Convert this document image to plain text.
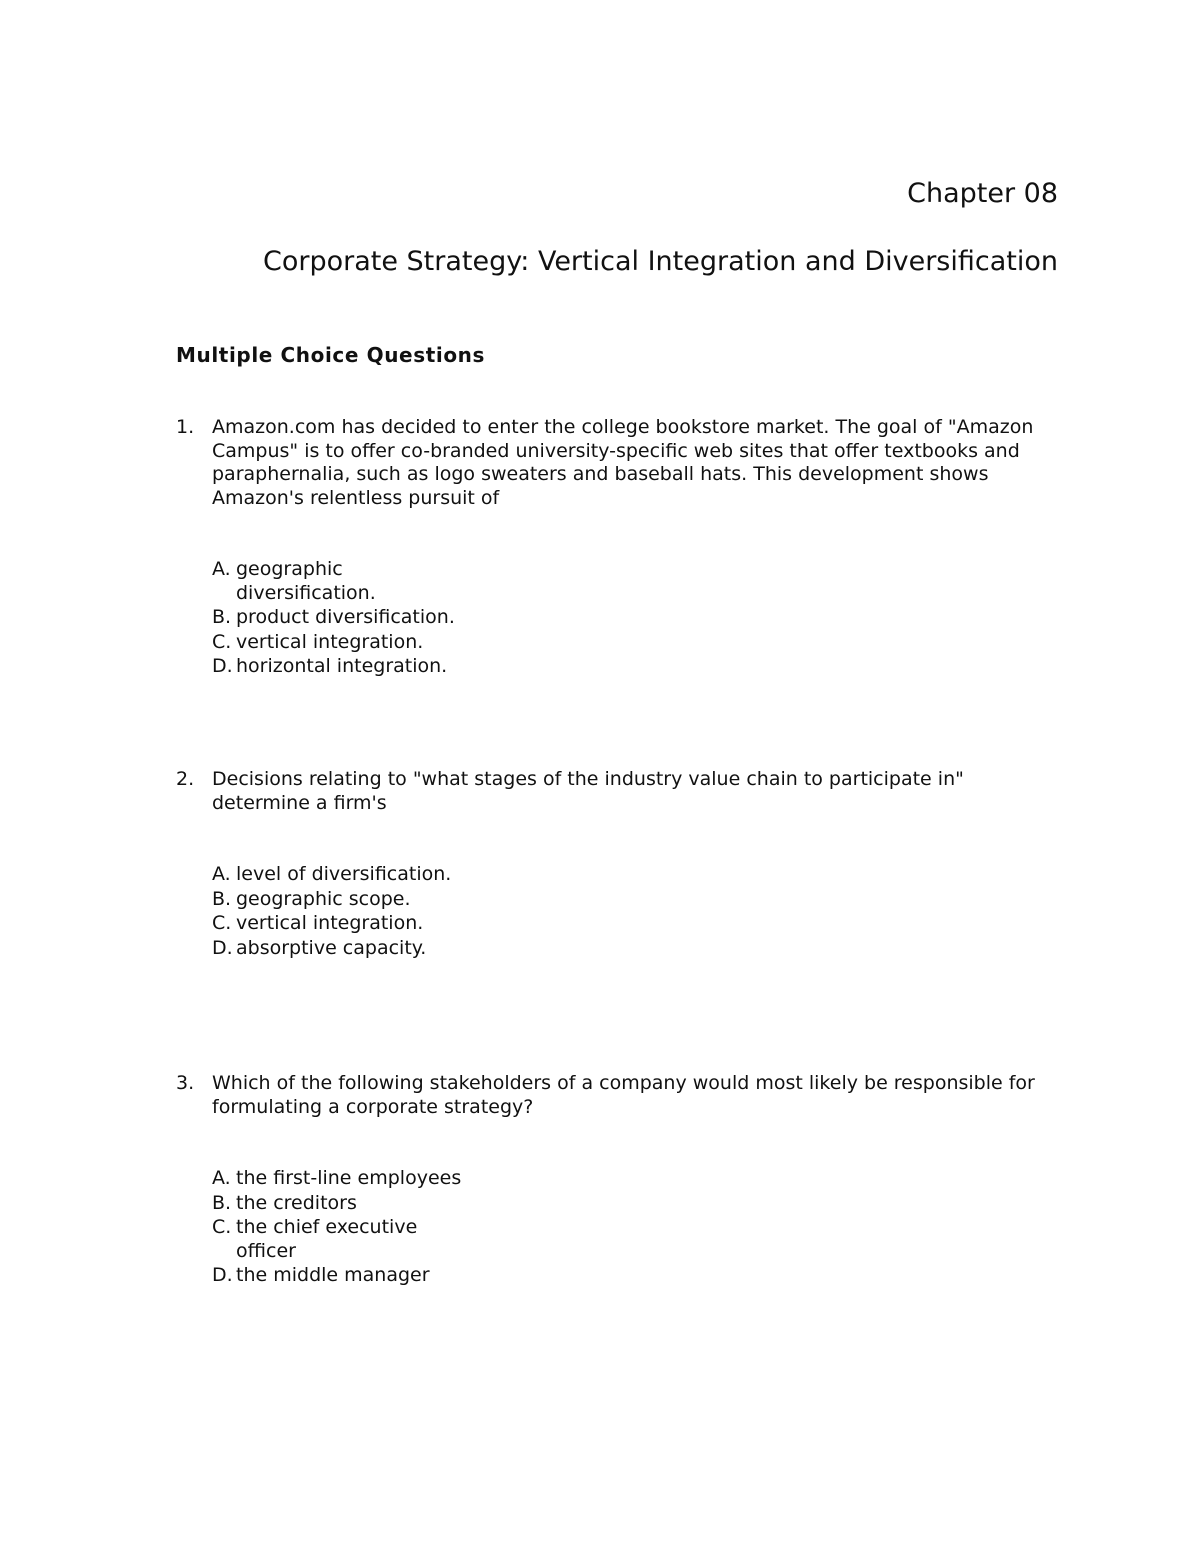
Chapter 08
Corporate Strategy: Vertical Integration and Diversification
Multiple Choice Questions
1. Amazon.com has decided to enter the college bookstore market. The goal of "Amazon Campus" is to offer co-branded university-specific web sites that offer textbooks and paraphernalia, such as logo sweaters and baseball hats. This development shows Amazon's relentless pursuit of
A. geographic diversification.
B. product diversification.
C. vertical integration.
D. horizontal integration.
2. Decisions relating to "what stages of the industry value chain to participate in" determine a firm's
A. level of diversification.
B. geographic scope.
C. vertical integration.
D. absorptive capacity.
3. Which of the following stakeholders of a company would most likely be responsible for formulating a corporate strategy?
A. the first-line employees
B. the creditors
C. the chief executive officer
D. the middle manager
